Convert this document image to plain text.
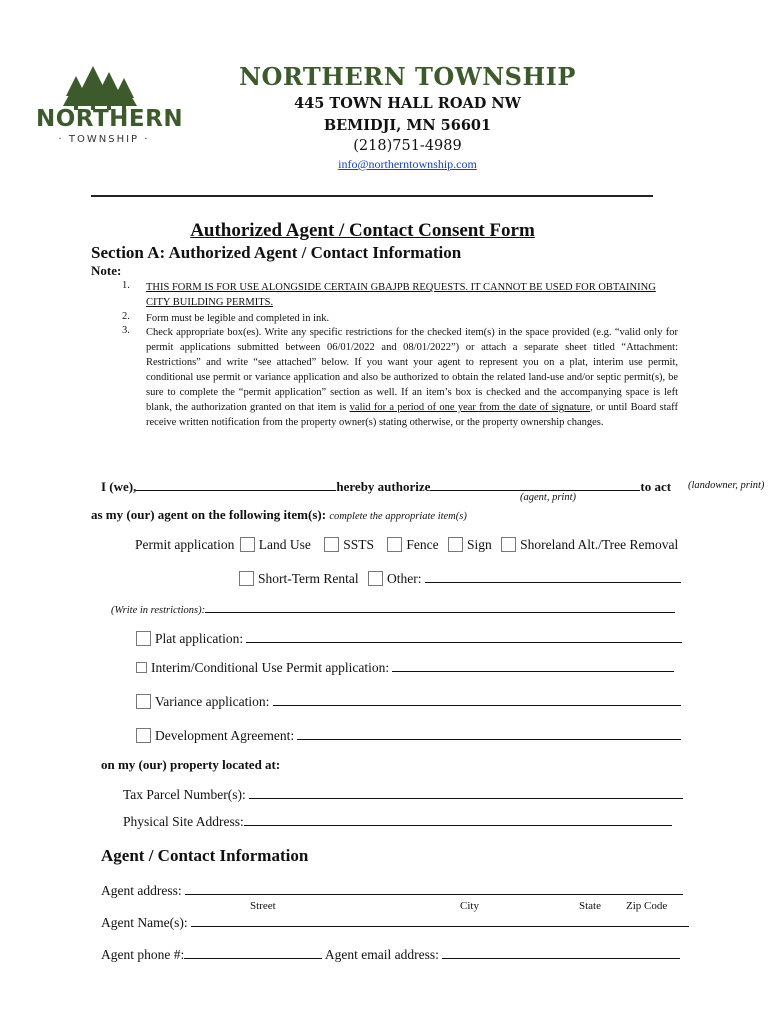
NORTHERN
· TOWNSHIP ·
NORTHERN TOWNSHIP
445 TOWN HALL ROAD NW
BEMIDJI, MN 56601
(218)751-4989
info@northerntownship.com
Authorized Agent / Contact Consent Form
Section A: Authorized Agent / Contact Information
Note:
1. THIS FORM IS FOR USE ALONGSIDE CERTAIN GBAJPB REQUESTS. IT CANNOT BE USED FOR OBTAINING CITY BUILDING PERMITS.
2. Form must be legible and completed in ink.
3. Check appropriate box(es). Write any specific restrictions for the checked item(s) in the space provided (e.g. “valid only for permit applications submitted between 06/01/2022 and 08/01/2022”) or attach a separate sheet titled “Attachment: Restrictions” and write “see attached” below. If you want your agent to represent you on a plat, interim use permit, conditional use permit or variance application and also be authorized to obtain the related land-use and/or septic permit(s), be sure to complete the “permit application” section as well. If an item’s box is checked and the accompanying space is left blank, the authorization granted on that item is valid for a period of one year from the date of signature, or until Board staff receive written notification from the property owner(s) stating otherwise, or the property ownership changes.
I (we),	hereby authorize	to act (landowner, print)
(agent, print)
as my (our) agent on the following item(s): complete the appropriate item(s)
Permit application Land Use SSTS Fence Sign Shoreland Alt./Tree Removal
Short-Term Rental Other:
(Write in restrictions):
Plat application:
Interim/Conditional Use Permit application:
Variance application:
Development Agreement:
on my (our) property located at:
Tax Parcel Number(s):
Physical Site Address:
Agent / Contact Information
Agent address:
Street	City	State Zip Code
Agent Name(s):
Agent phone #:	Agent email address:
